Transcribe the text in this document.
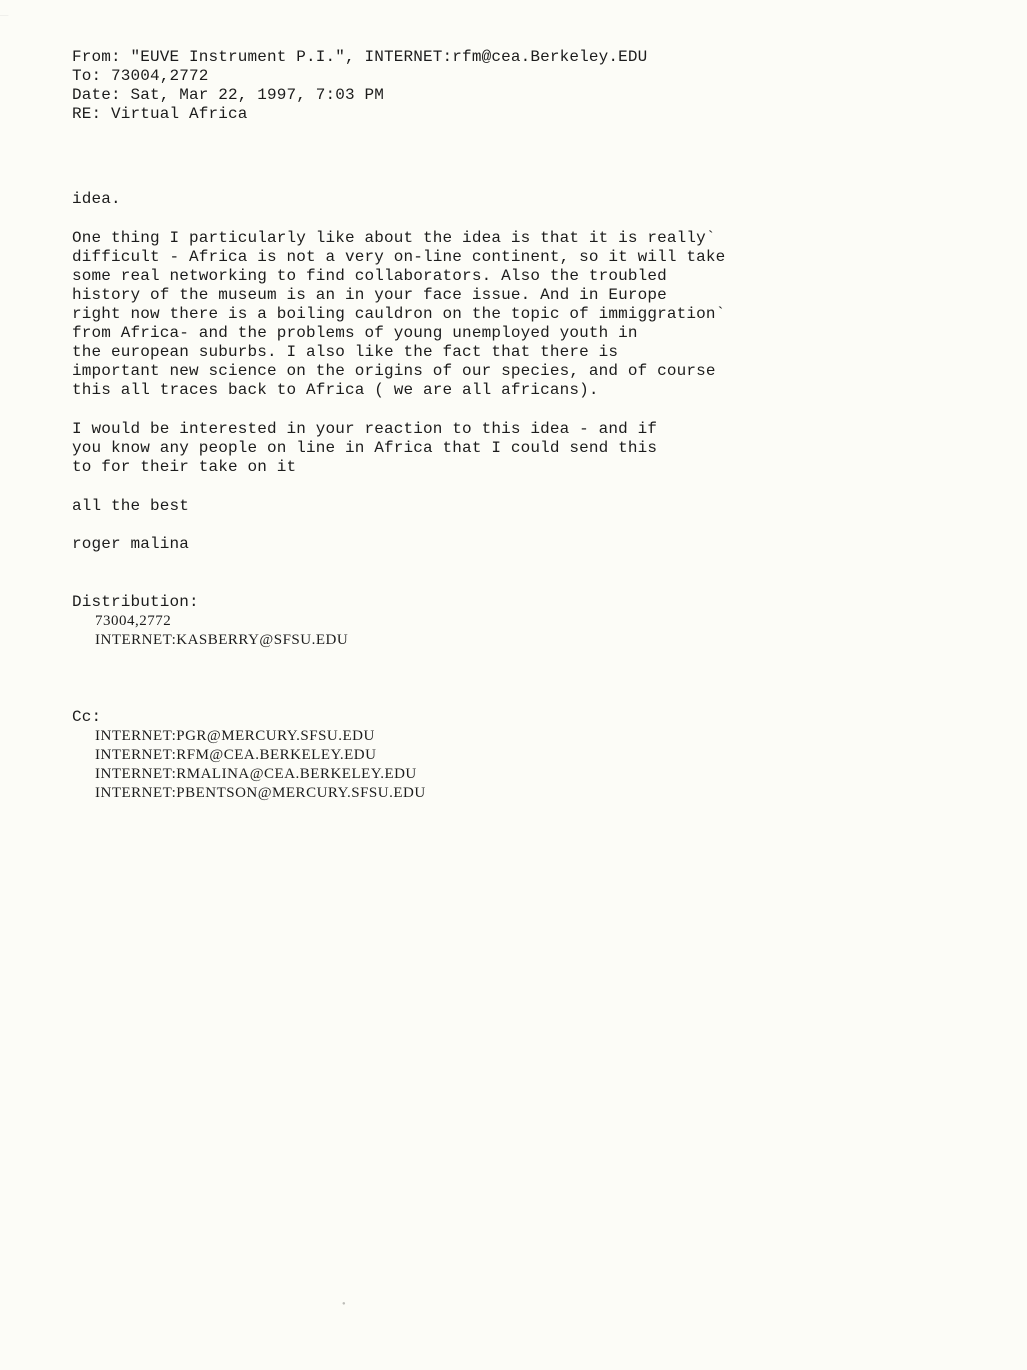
—
From: "EUVE Instrument P.I.", INTERNET:rfm@cea.Berkeley.EDU
To: 73004,2772
Date: Sat, Mar 22, 1997, 7:03 PM
RE: Virtual Africa
idea.
One thing I particularly like about the idea is that it is really`
difficult - Africa is not a very on-line continent, so it will take
some real networking to find collaborators. Also the troubled
history of the museum is an in your face issue. And in Europe
right now there is a boiling cauldron on the topic of immiggration`
from Africa- and the problems of young unemployed youth in
the european suburbs. I also like the fact that there is
important new science on the origins of our species, and of course
this all traces back to Africa ( we are all africans).
I would be interested in your reaction to this idea - and if
you know any people on line in Africa that I could send this
to for their take on it
all the best
roger malina
Distribution:
73004,2772
INTERNET:KASBERRY@SFSU.EDU
Cc:
INTERNET:PGR@MERCURY.SFSU.EDU
INTERNET:RFM@CEA.BERKELEY.EDU
INTERNET:RMALINA@CEA.BERKELEY.EDU
INTERNET:PBENTSON@MERCURY.SFSU.EDU
●
